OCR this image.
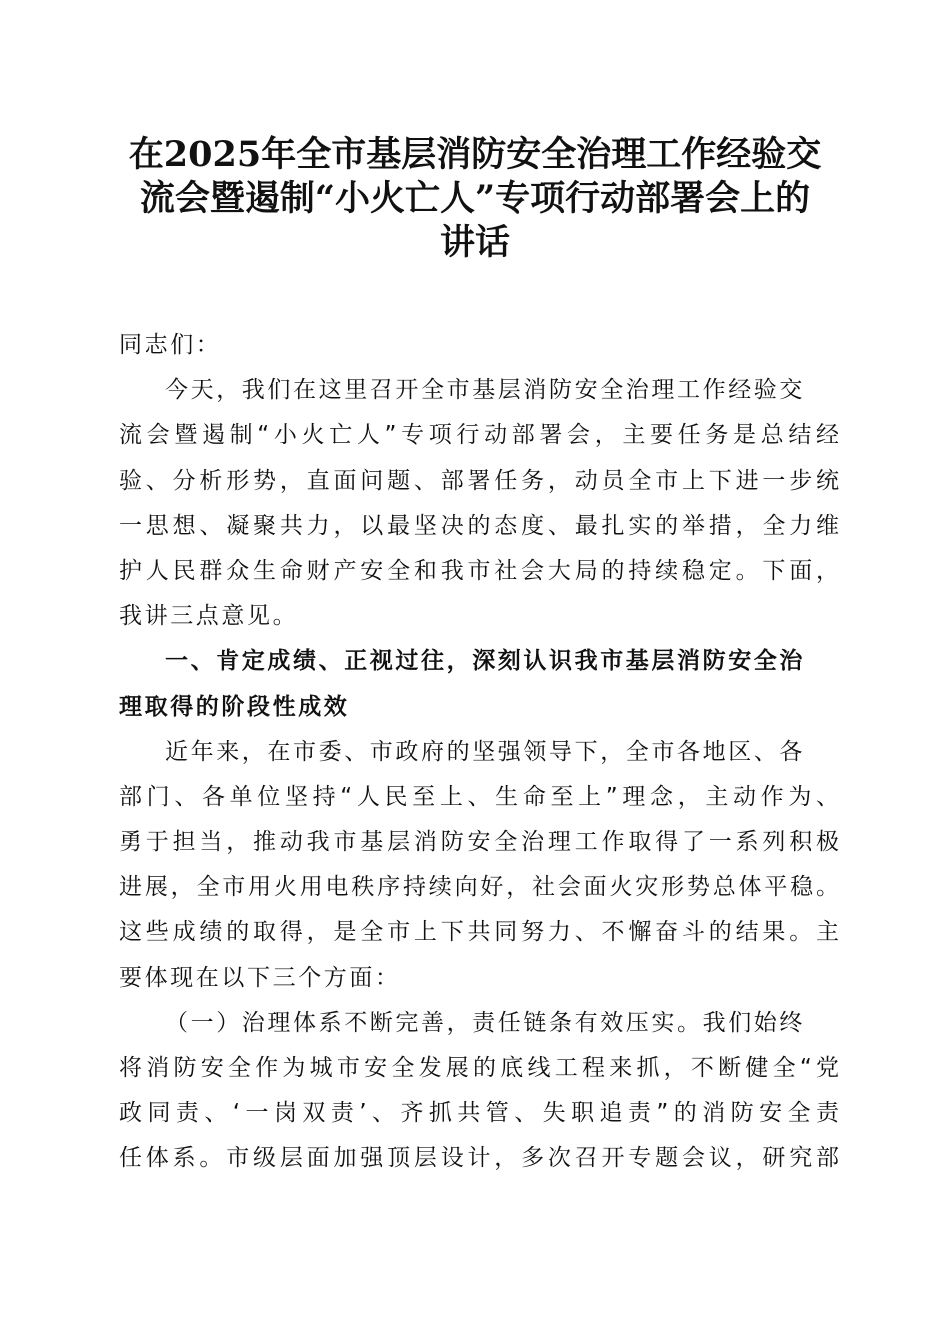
在2025年全市基层消防安全治理工作经验交
流会暨遏制“小火亡人”专项行动部署会上的
讲话
同志们：
今天，我们在这里召开全市基层消防安全治理工作经验交
流会暨遏制“小火亡人”专项行动部署会，主要任务是总结经
验、分析形势，直面问题、部署任务，动员全市上下进一步统
一思想、凝聚共力，以最坚决的态度、最扎实的举措，全力维
护人民群众生命财产安全和我市社会大局的持续稳定。下面，
我讲三点意见。
一、肯定成绩、正视过往，深刻认识我市基层消防安全治
理取得的阶段性成效
近年来，在市委、市政府的坚强领导下，全市各地区、各
部门、各单位坚持“人民至上、生命至上”理念，主动作为、
勇于担当，推动我市基层消防安全治理工作取得了一系列积极
进展，全市用火用电秩序持续向好，社会面火灾形势总体平稳。
这些成绩的取得，是全市上下共同努力、不懈奋斗的结果。主
要体现在以下三个方面：
（一）治理体系不断完善，责任链条有效压实。我们始终
将消防安全作为城市安全发展的底线工程来抓，不断健全“党
政同责、‘一岗双责’、齐抓共管、失职追责”的消防安全责
任体系。市级层面加强顶层设计，多次召开专题会议，研究部
